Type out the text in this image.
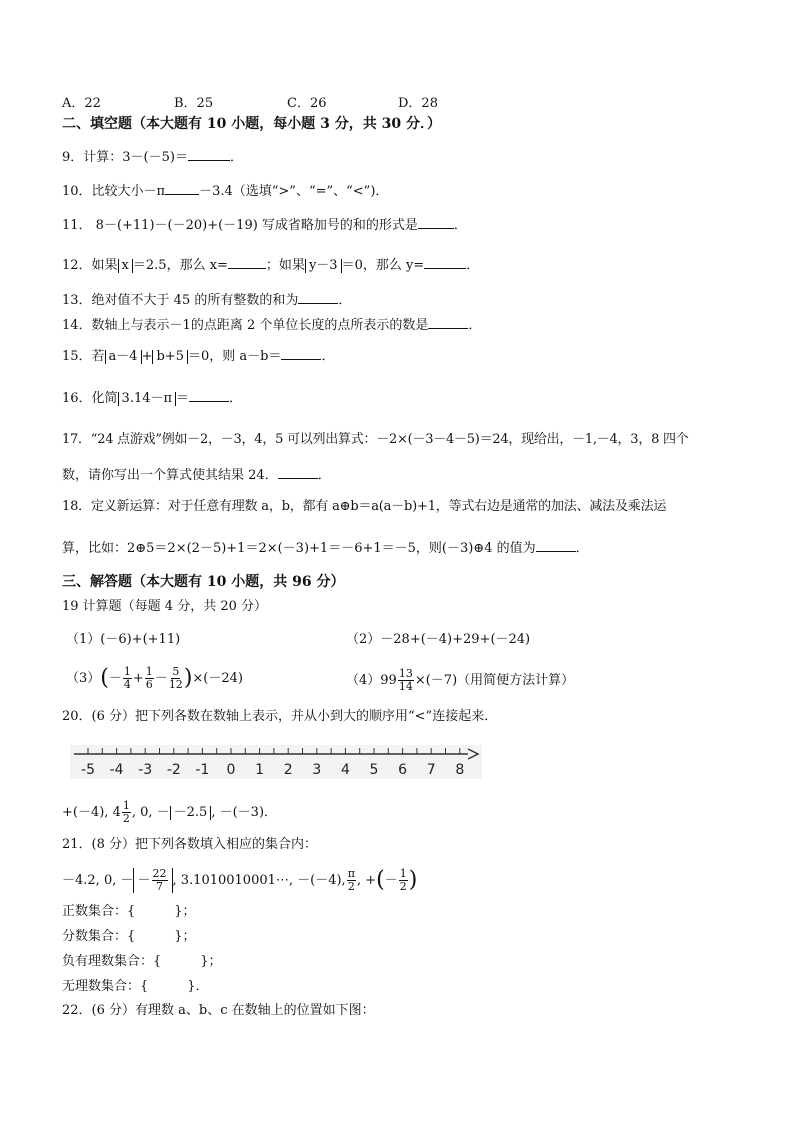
A．22	B．25	C．26	D．28
二、填空题（本大题有 10 小题，每小题 3 分，共 30 分．）
9．计算：3－(－5)＝	．
10．比较大小－π	－3.4（选填“>”、“=”、“<”)．
11． 8－(+11)－(－20)+(－19) 写成省略加号的和的形式是	．
12．如果 x ＝2.5，那么 x=	；如果 y－3 ＝0，那么 y=	．
13．绝对值不大于 45 的所有整数的和为	．
14．数轴上与表示－1的点距离 2 个单位长度的点所表示的数是	．
15．若 a－4 + b+5 ＝0，则 a－b＝	．
16．化简 3.14－π ＝	．
17．“24 点游戏”例如－2，－3，4，5 可以列出算式：－2×(－3－4－5)＝24，现给出，－1,－4，3，8 四个
数，请你写出一个算式使其结果 24．	．
18．定义新运算：对于任意有理数 a，b，都有 a⊕b＝a(a－b)+1，等式右边是通常的加法、减法及乘法运
算，比如：2⊕5＝2×(2－5)+1＝2×(－3)+1＝－6+1＝－5，则(－3)⊕4 的值为	．
三、解答题（本大题有 10 小题，共 96 分）
19 计算题（每题 4 分，共 20 分）
（1）(－6)+(+11)	（2）－28+(－4)+29+(－24)
$(3)(- \frac{1}{4} + \frac{1}{6} - \frac{5}{12} )\times(-24)$	$(4)99 \frac{13}{14} \times(-7)$（用简便方法计算）
20．(6 分）把下列各数在数轴上表示，并从小到大的顺序用“<”连接起来．
-5 -4 -3 -2 -1 0 1 2 3 4 5 6 7 8
+(－4), $4 \frac{1}{2}$ , 0, － －2.5 , －(－3)．
21．(8 分）把下列各数填入相应的集合内：
－4.2, 0, － － $\frac{22}{7}$ , 3.1010010001⋯, －(－4), $\frac{\pi}{2}$ , +(－ $\frac{1}{2}$ )
正数集合：{　　　}；
分数集合：{　　　}；
负有理数集合：{　　　}；
无理数集合：{　　　}．
22．(6 分）有理数 a、b、c 在数轴上的位置如下图：
